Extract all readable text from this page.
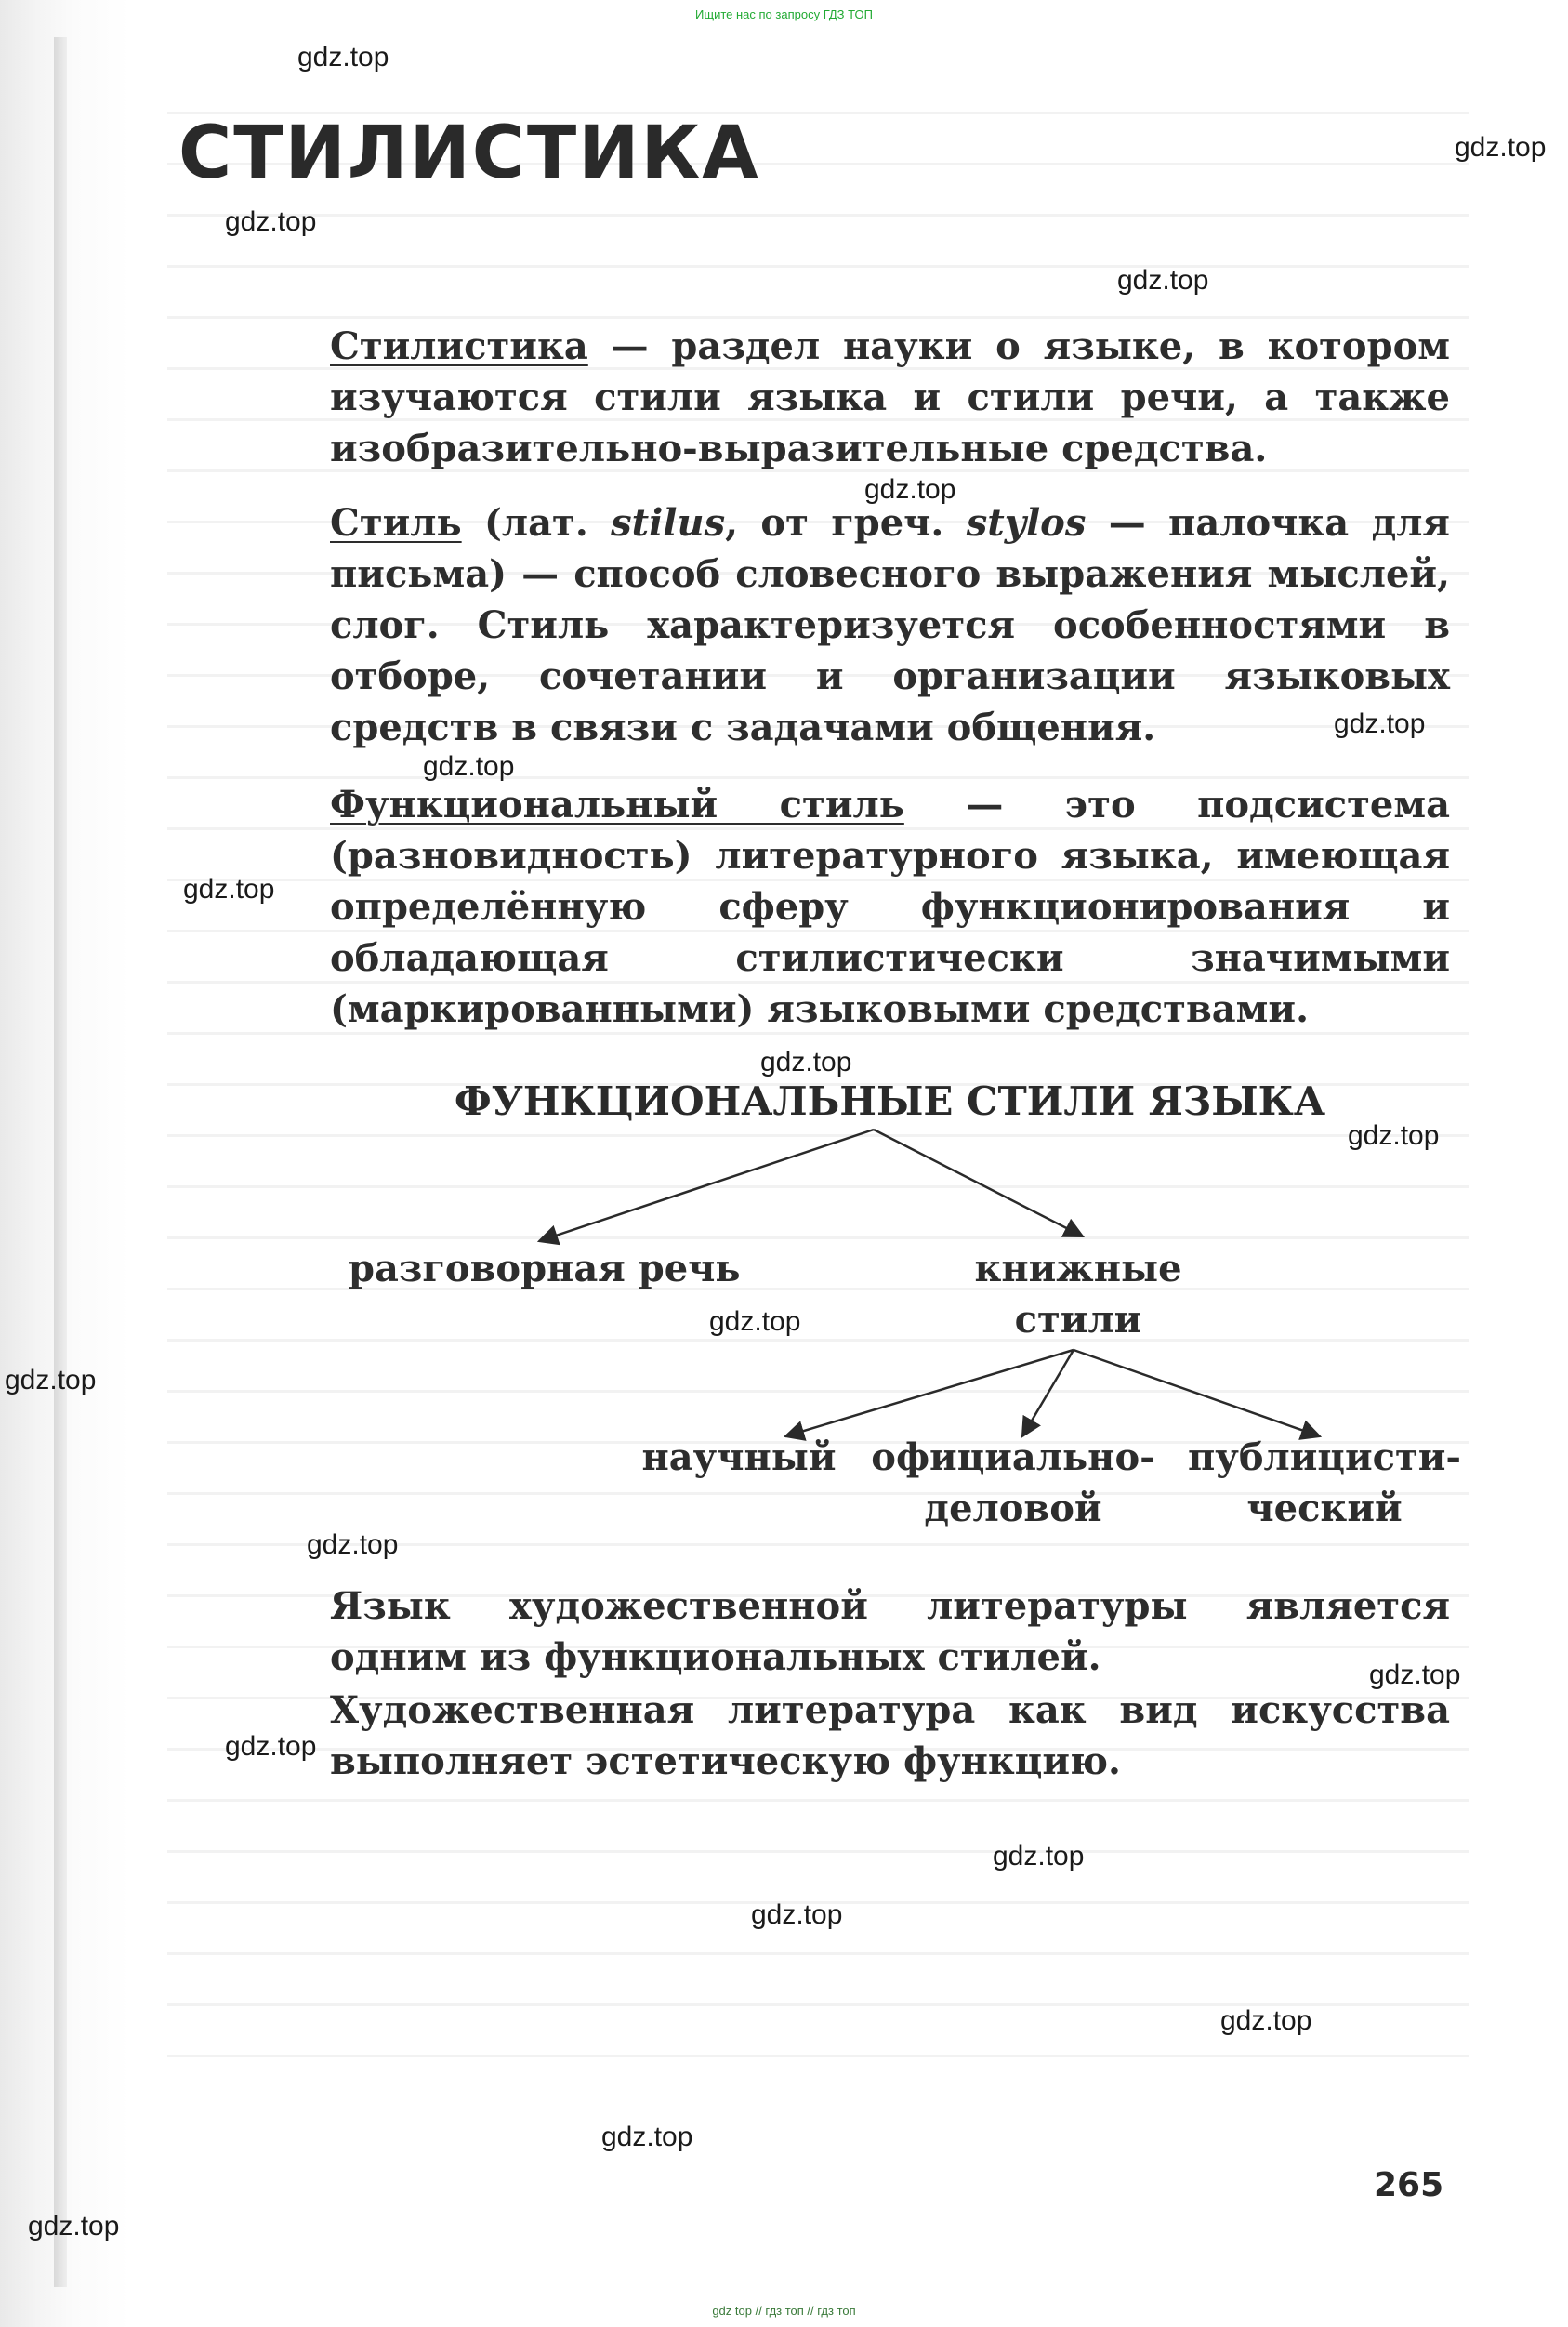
Ищите нас по запросу ГДЗ ТОП
СТИЛИСТИКА

Стилистика — раздел науки о языке, в котором изучаются стили языка и стили речи, а также изобразительно-выразительные средства.

Стиль (лат. stilus, от греч. stylos — палочка для письма) — способ словесного выражения мыслей, слог. Стиль характеризуется особенностями в отборе, сочетании и организации языковых средств в связи с задачами общения.

Функциональный стиль — это подсистема (разновидность) литературного языка, имеющая определённую сферу функционирования и обладающая стилистически значимыми (маркированными) языковыми средствами.

ФУНКЦИОНАЛЬНЫЕ СТИЛИ ЯЗЫКА
разговорная речь	книжные
стили
научный официально-
деловой
публицисти-
ческий

Язык художественной литературы является одним из функциональных стилей.

Художественная литература как вид искусства выполняет эстетическую функцию.

265
gdz.top
gdz.top
gdz.top
gdz.top
gdz.top
gdz.top
gdz.top
gdz.top
gdz.top
gdz.top
gdz.top
gdz.top
gdz.top
gdz.top
gdz.top
gdz.top
gdz.top
gdz.top
gdz.top
gdz.top
gdz top // гдз топ // гдз топ
